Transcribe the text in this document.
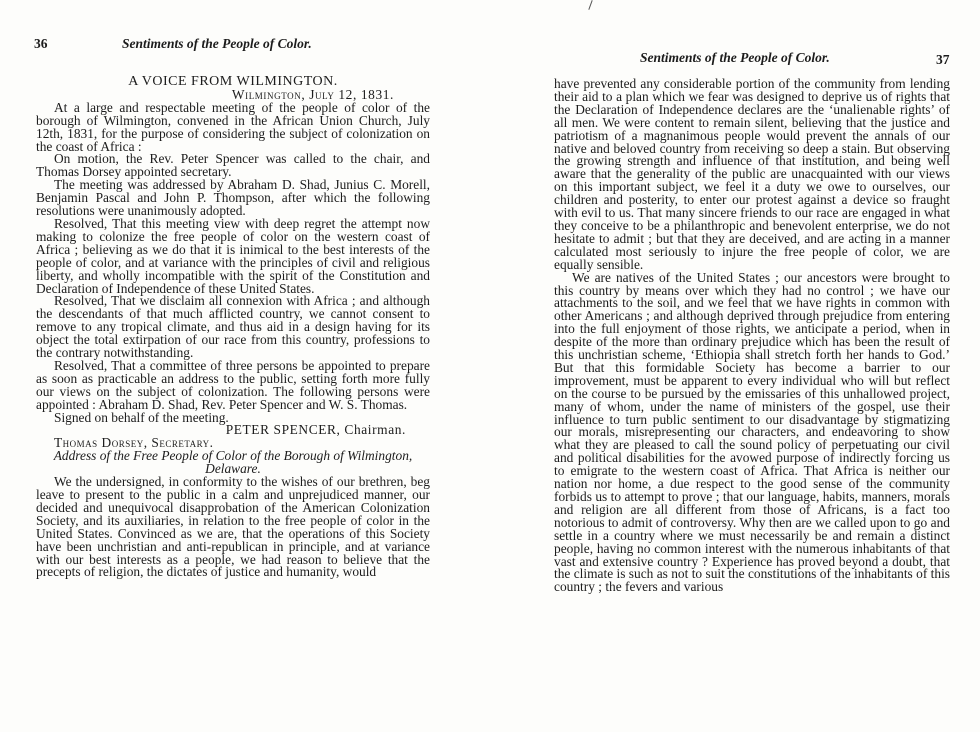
36	Sentiments of the People of Color.

A VOICE FROM WILMINGTON.

Wilmington, July 12, 1831.

At a large and respectable meeting of the people of color of the borough of Wilmington, convened in the African Union Church, July 12th, 1831, for the purpose of considering the subject of colonization on the coast of Africa :

On motion, the Rev. Peter Spencer was called to the chair, and Thomas Dorsey appointed secretary.

The meeting was addressed by Abraham D. Shad, Junius C. Morell, Benjamin Pascal and John P. Thompson, after which the following resolutions were unanimously adopted.

Resolved, That this meeting view with deep regret the attempt now making to colonize the free people of color on the western coast of Africa ; believing as we do that it is inimical to the best interests of the people of color, and at variance with the principles of civil and religious liberty, and wholly incompatible with the spirit of the Constitution and Declaration of Independence of these United States.

Resolved, That we disclaim all connexion with Africa ; and although the descendants of that much afflicted country, we cannot consent to remove to any tropical climate, and thus aid in a design having for its object the total extirpation of our race from this country, professions to the contrary notwithstanding.

Resolved, That a committee of three persons be appointed to prepare as soon as practicable an address to the public, setting forth more fully our views on the subject of colonization. The following persons were appointed : Abraham D. Shad, Rev. Peter Spencer and W. S. Thomas.

Signed on behalf of the meeting.

PETER SPENCER, Chairman.

Thomas Dorsey, Secretary.

Address of the Free People of Color of the Borough of Wilmington, Delaware.

We the undersigned, in conformity to the wishes of our brethren, beg leave to present to the public in a calm and unprejudiced manner, our decided and unequivocal disapprobation of the American Colonization Society, and its auxiliaries, in relation to the free people of color in the United States. Convinced as we are, that the operations of this Society have been unchristian and anti-republican in principle, and at variance with our best interests as a people, we had reason to believe that the precepts of religion, the dictates of justice and humanity, would

Sentiments of the People of Color.	37

have prevented any considerable portion of the community from lending their aid to a plan which we fear was designed to deprive us of rights that the Declaration of Independence declares are the ‘unalienable rights’ of all men. We were content to remain silent, believing that the justice and patriotism of a magnanimous people would prevent the annals of our native and beloved country from receiving so deep a stain. But observing the growing strength and influence of that institution, and being well aware that the generality of the public are unacquainted with our views on this important subject, we feel it a duty we owe to ourselves, our children and posterity, to enter our protest against a device so fraught with evil to us. That many sincere friends to our race are engaged in what they conceive to be a philanthropic and benevolent enterprise, we do not hesitate to admit ; but that they are deceived, and are acting in a manner calculated most seriously to injure the free people of color, we are equally sensible.

We are natives of the United States ; our ancestors were brought to this country by means over which they had no control ; we have our attachments to the soil, and we feel that we have rights in common with other Americans ; and although deprived through prejudice from entering into the full enjoyment of those rights, we anticipate a period, when in despite of the more than ordinary prejudice which has been the result of this unchristian scheme, ‘Ethiopia shall stretch forth her hands to God.’ But that this formidable Society has become a barrier to our improvement, must be apparent to every individual who will but reflect on the course to be pursued by the emissaries of this unhallowed project, many of whom, under the name of ministers of the gospel, use their influence to turn public sentiment to our disadvantage by stigmatizing our morals, misrepresenting our characters, and endeavoring to show what they are pleased to call the sound policy of perpetuating our civil and political disabilities for the avowed purpose of indirectly forcing us to emigrate to the western coast of Africa. That Africa is neither our nation nor home, a due respect to the good sense of the community forbids us to attempt to prove ; that our language, habits, manners, morals and religion are all different from those of Africans, is a fact too notorious to admit of controversy. Why then are we called upon to go and settle in a country where we must necessarily be and remain a distinct people, having no common interest with the numerous inhabitants of that vast and extensive country ? Experience has proved beyond a doubt, that the climate is such as not to suit the constitutions of the inhabitants of this country ; the fevers and various
